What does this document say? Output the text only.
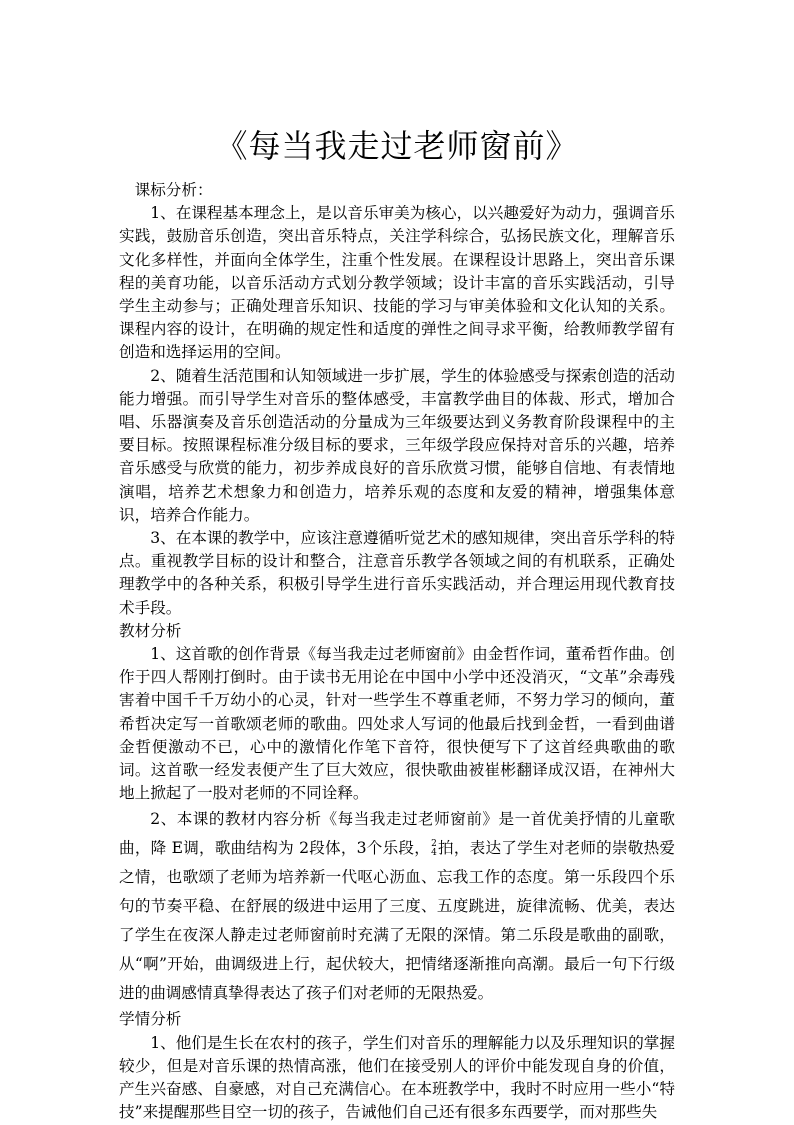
《每当我走过老师窗前》

课标分析：

1、在课程基本理念上，是以音乐审美为核心，以兴趣爱好为动力，强调音乐实践，鼓励音乐创造，突出音乐特点，关注学科综合，弘扬民族文化，理解音乐文化多样性，并面向全体学生，注重个性发展。在课程设计思路上，突出音乐课程的美育功能，以音乐活动方式划分教学领域；设计丰富的音乐实践活动，引导学生主动参与；正确处理音乐知识、技能的学习与审美体验和文化认知的关系。课程内容的设计，在明确的规定性和适度的弹性之间寻求平衡，给教师教学留有创造和选择运用的空间。

2、随着生活范围和认知领域进一步扩展，学生的体验感受与探索创造的活动能力增强。而引导学生对音乐的整体感受，丰富教学曲目的体裁、形式，增加合唱、乐器演奏及音乐创造活动的分量成为三年级要达到义务教育阶段课程中的主要目标。按照课程标准分级目标的要求，三年级学段应保持对音乐的兴趣，培养音乐感受与欣赏的能力，初步养成良好的音乐欣赏习惯，能够自信地、有表情地演唱，培养艺术想象力和创造力，培养乐观的态度和友爱的精神，增强集体意识，培养合作能力。

3、在本课的教学中，应该注意遵循听觉艺术的感知规律，突出音乐学科的特点。重视教学目标的设计和整合，注意音乐教学各领域之间的有机联系，正确处理教学中的各种关系，积极引导学生进行音乐实践活动，并合理运用现代教育技术手段。

教材分析

1、这首歌的创作背景《每当我走过老师窗前》由金哲作词，董希哲作曲。创作于四人帮刚打倒时。由于读书无用论在中国中小学中还没消灭，“文革”余毒残害着中国千千万幼小的心灵，针对一些学生不尊重老师，不努力学习的倾向，董希哲决定写一首歌颂老师的歌曲。四处求人写词的他最后找到金哲，一看到曲谱金哲便激动不已，心中的激情化作笔下音符，很快便写下了这首经典歌曲的歌词。这首歌一经发表便产生了巨大效应，很快歌曲被崔彬翻译成汉语，在神州大地上掀起了一股对老师的不同诠释。

2、本课的教材内容分析《每当我走过老师窗前》是一首优美抒情的儿童歌曲，降 E调，歌曲结构为 2段体，3个乐段， 2
4 拍，表达了学生对老师的崇敬热爱之情，也歌颂了老师为培养新一代呕心沥血、忘我工作的态度。第一乐段四个乐句的节奏平稳、在舒展的级进中运用了三度、五度跳进，旋律流畅、优美，表达了学生在夜深人静走过老师窗前时充满了无限的深情。第二乐段是歌曲的副歌，从“啊”开始，曲调级进上行，起伏较大，把情绪逐渐推向高潮。最后一句下行级进的曲调感情真挚得表达了孩子们对老师的无限热爱。

学情分析

1、他们是生长在农村的孩子，学生们对音乐的理解能力以及乐理知识的掌握较少，但是对音乐课的热情高涨，他们在接受别人的评价中能发现自身的价值，产生兴奋感、自豪感，对自己充满信心。在本班教学中，我时不时应用一些小“特技”来提醒那些目空一切的孩子，告诫他们自己还有很多东西要学，而对那些失
